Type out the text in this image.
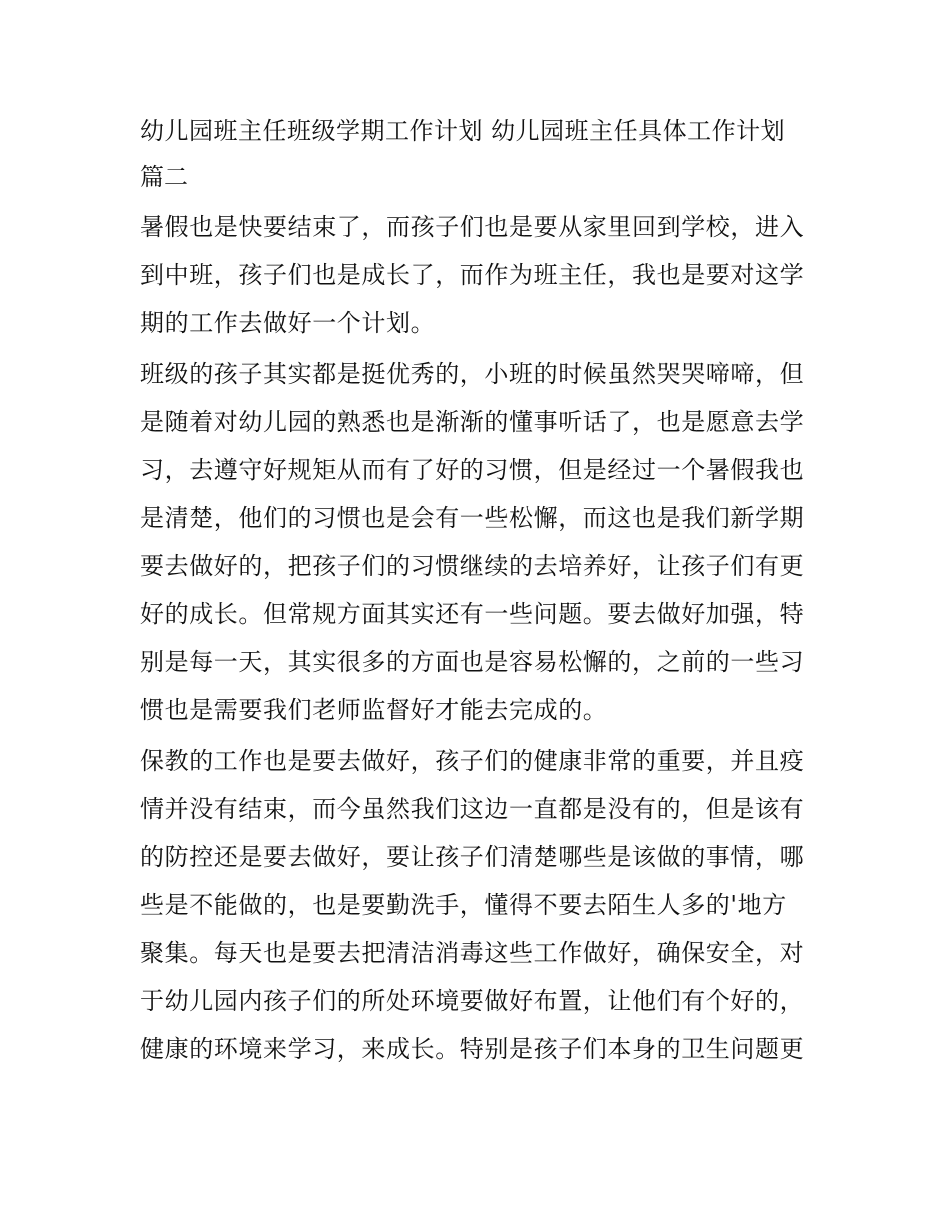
幼儿园班主任班级学期工作计划 幼儿园班主任具体工作计划
篇二

暑假也是快要结束了，而孩子们也是要从家里回到学校，进入
到中班，孩子们也是成长了，而作为班主任，我也是要对这学
期的工作去做好一个计划。

班级的孩子其实都是挺优秀的，小班的时候虽然哭哭啼啼，但
是随着对幼儿园的熟悉也是渐渐的懂事听话了，也是愿意去学
习，去遵守好规矩从而有了好的习惯，但是经过一个暑假我也
是清楚，他们的习惯也是会有一些松懈，而这也是我们新学期
要去做好的，把孩子们的习惯继续的去培养好，让孩子们有更
好的成长。但常规方面其实还有一些问题。要去做好加强，特
别是每一天，其实很多的方面也是容易松懈的，之前的一些习
惯也是需要我们老师监督好才能去完成的。

保教的工作也是要去做好，孩子们的健康非常的重要，并且疫
情并没有结束，而今虽然我们这边一直都是没有的，但是该有
的防控还是要去做好，要让孩子们清楚哪些是该做的事情，哪
些是不能做的，也是要勤洗手，懂得不要去陌生人多的'地方
聚集。每天也是要去把清洁消毒这些工作做好，确保安全，对
于幼儿园内孩子们的所处环境要做好布置，让他们有个好的，
健康的环境来学习，来成长。特别是孩子们本身的卫生问题更
